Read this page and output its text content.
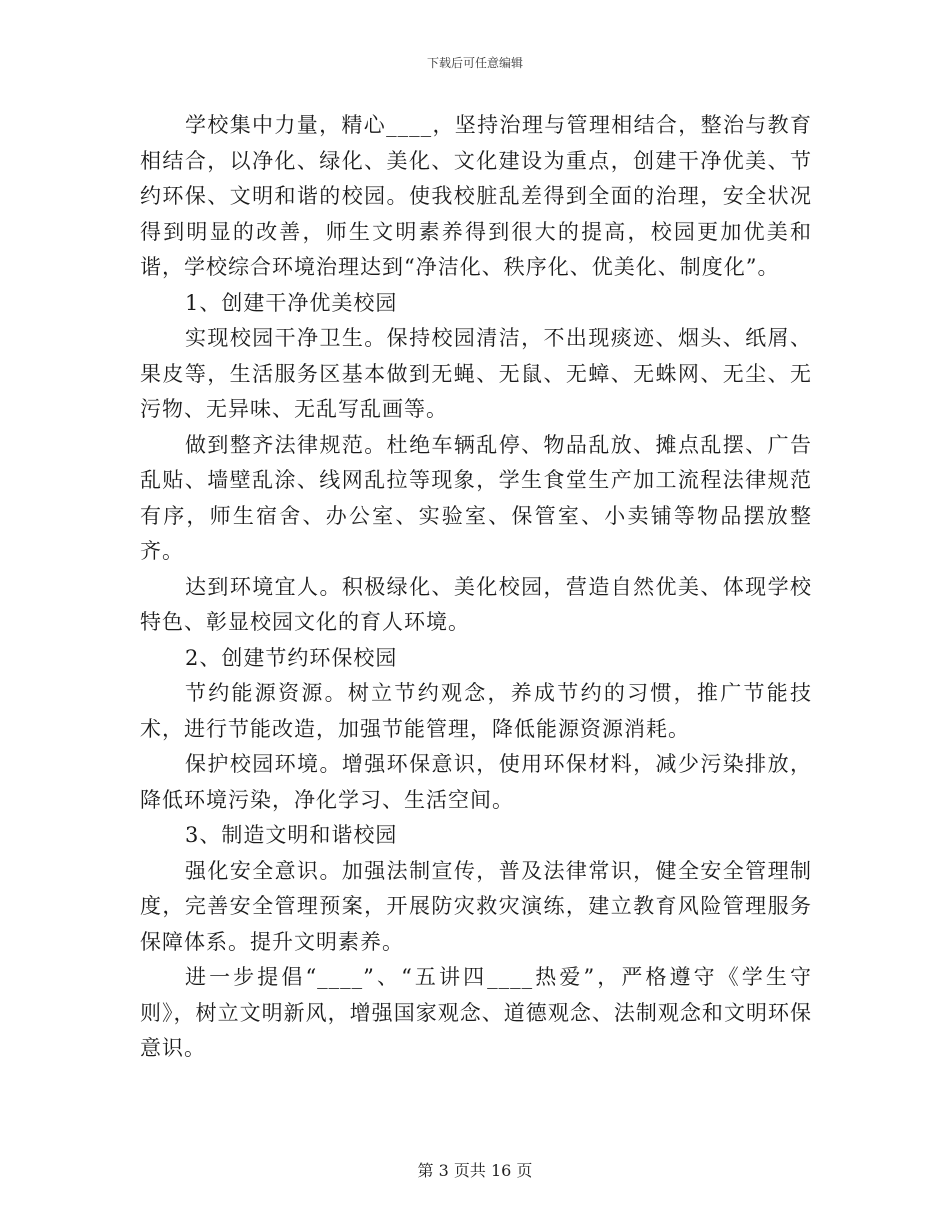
下载后可任意编辑

学校集中力量，精心____，坚持治理与管理相结合，整治与教育相结合，以净化、绿化、美化、文化建设为重点，创建干净优美、节约环保、文明和谐的校园。使我校脏乱差得到全面的治理，安全状况得到明显的改善，师生文明素养得到很大的提高，校园更加优美和谐，学校综合环境治理达到“净洁化、秩序化、优美化、制度化”。

1、创建干净优美校园

实现校园干净卫生。保持校园清洁，不出现痰迹、烟头、纸屑、果皮等，生活服务区基本做到无蝇、无鼠、无蟑、无蛛网、无尘、无污物、无异味、无乱写乱画等。

做到整齐法律规范。杜绝车辆乱停、物品乱放、摊点乱摆、广告乱贴、墙壁乱涂、线网乱拉等现象，学生食堂生产加工流程法律规范有序，师生宿舍、办公室、实验室、保管室、小卖铺等物品摆放整齐。

达到环境宜人。积极绿化、美化校园，营造自然优美、体现学校特色、彰显校园文化的育人环境。

2、创建节约环保校园

节约能源资源。树立节约观念，养成节约的习惯，推广节能技术，进行节能改造，加强节能管理，降低能源资源消耗。

保护校园环境。增强环保意识，使用环保材料，减少污染排放，降低环境污染，净化学习、生活空间。

3、制造文明和谐校园

强化安全意识。加强法制宣传，普及法律常识，健全安全管理制度，完善安全管理预案，开展防灾救灾演练，建立教育风险管理服务保障体系。提升文明素养。

进一步提倡“____”、“五讲四____热爱”，严格遵守《学生守则》，树立文明新风，增强国家观念、道德观念、法制观念和文明环保意识。

第 3 页共 16 页
